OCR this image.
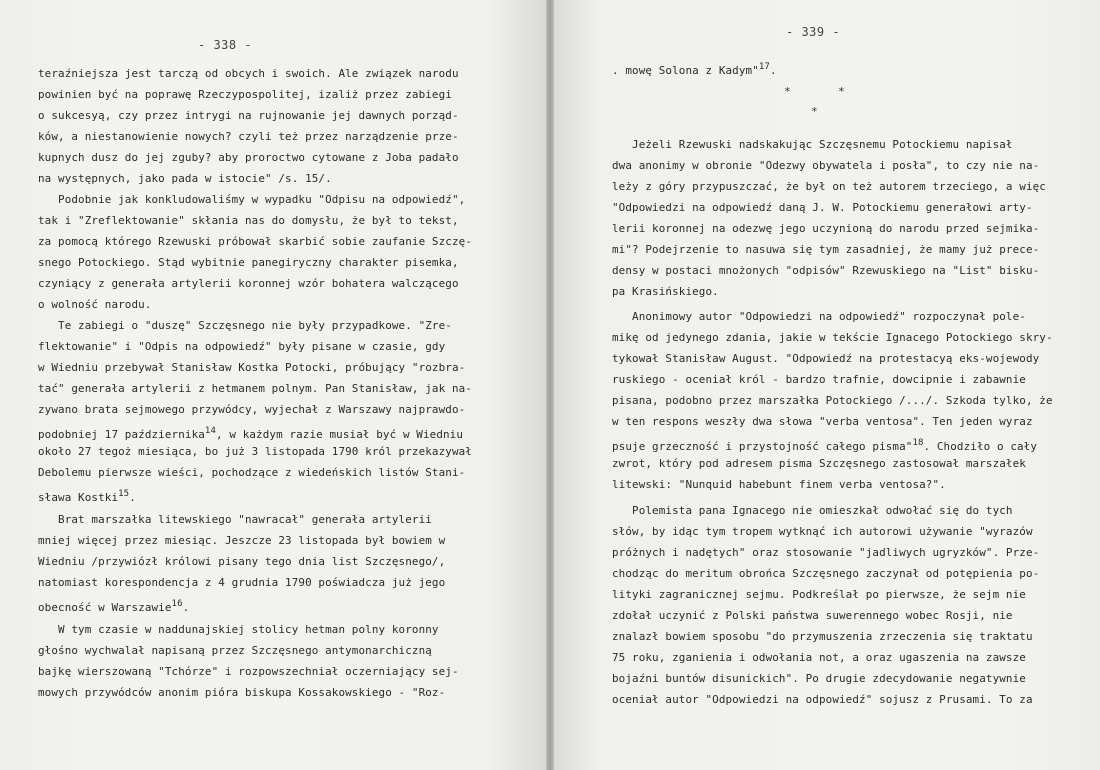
- 338 -
teraźniejsza jest tarczą od obcych i swoich. Ale związek narodu
powinien być na poprawę Rzeczypospolitej, izaliż przez zabiegi
o sukcesyą, czy przez intrygi na rujnowanie jej dawnych porząd-
ków, a niestanowienie nowych? czyli też przez narządzenie prze-
kupnych dusz do jej zguby? aby proroctwo cytowane z Joba padało
na występnych, jako pada w istocie" /s. 15/.
Podobnie jak konkludowaliśmy w wypadku "Odpisu na odpowiedź",
tak i "Zreflektowanie" skłania nas do domysłu, że był to tekst,
za pomocą którego Rzewuski próbował skarbić sobie zaufanie Szczę-
snego Potockiego. Stąd wybitnie panegiryczny charakter pisemka,
czyniący z generała artylerii koronnej wzór bohatera walczącego
o wolność narodu.
Te zabiegi o "duszę" Szczęsnego nie były przypadkowe. "Zre-
flektowanie" i "Odpis na odpowiedź" były pisane w czasie, gdy
w Wiedniu przebywał Stanisław Kostka Potocki, próbujący "rozbra-
tać" generała artylerii z hetmanem polnym. Pan Stanisław, jak na-
zywano brata sejmowego przywódcy, wyjechał z Warszawy najprawdo-
podobniej 17 października$^{14}$, w każdym razie musiał być w Wiedniu
około 27 tegoż miesiąca, bo już 3 listopada 1790 król przekazywał
Debolemu pierwsze wieści, pochodzące z wiedeńskich listów Stani-
sława Kostki$^{15}$.
Brat marszałka litewskiego "nawracał" generała artylerii
mniej więcej przez miesiąc. Jeszcze 23 listopada był bowiem w
Wiedniu /przywiózł królowi pisany tego dnia list Szczęsnego/,
natomiast korespondencja z 4 grudnia 1790 poświadcza już jego
obecność w Warszawie$^{16}$.
W tym czasie w naddunajskiej stolicy hetman polny koronny
głośno wychwalał napisaną przez Szczęsnego antymonarchiczną
bajkę wierszowaną "Tchórze" i rozpowszechniał oczerniający sej-
mowych przywódców anonim pióra biskupa Kossakowskiego - "Roz-
- 339 -
. mowę Solona z Kadym"$^{17}$.
*	*
*
Jeżeli Rzewuski nadskakując Szczęsnemu Potockiemu napisał
dwa anonimy w obronie "Odezwy obywatela i posła", to czy nie na-
leży z góry przypuszczać, że był on też autorem trzeciego, a więc
"Odpowiedzi na odpowiedź daną J. W. Potockiemu generałowi arty-
lerii koronnej na odezwę jego uczynioną do narodu przed sejmika-
mi"? Podejrzenie to nasuwa się tym zasadniej, że mamy już prece-
densy w postaci mnożonych "odpisów" Rzewuskiego na "List" bisku-
pa Krasińskiego.
Anonimowy autor "Odpowiedzi na odpowiedź" rozpoczynał pole-
mikę od jedynego zdania, jakie w tekście Ignacego Potockiego skry-
tykował Stanisław August. "Odpowiedź na protestacyą eks-wojewody
ruskiego - oceniał król - bardzo trafnie, dowcipnie i zabawnie
pisana, podobno przez marszałka Potockiego /.../. Szkoda tylko, że
w ten respons weszły dwa słowa "verba ventosa". Ten jeden wyraz
psuje grzeczność i przystojność całego pisma"$^{18}$. Chodziło o cały
zwrot, który pod adresem pisma Szczęsnego zastosował marszałek
litewski: "Nunquid habebunt finem verba ventosa?".
Polemista pana Ignacego nie omieszkał odwołać się do tych
słów, by idąc tym tropem wytknąć ich autorowi używanie "wyrazów
próżnych i nadętych" oraz stosowanie "jadliwych ugryzków". Prze-
chodząc do meritum obrońca Szczęsnego zaczynał od potępienia po-
lityki zagranicznej sejmu. Podkreślał po pierwsze, że sejm nie
zdołał uczynić z Polski państwa suwerennego wobec Rosji, nie
znalazł bowiem sposobu "do przymuszenia zrzeczenia się traktatu
75 roku, zganienia i odwołania not, a oraz ugaszenia na zawsze
bojaźni buntów disunickich". Po drugie zdecydowanie negatywnie
oceniał autor "Odpowiedzi na odpowiedź" sojusz z Prusami. To za
